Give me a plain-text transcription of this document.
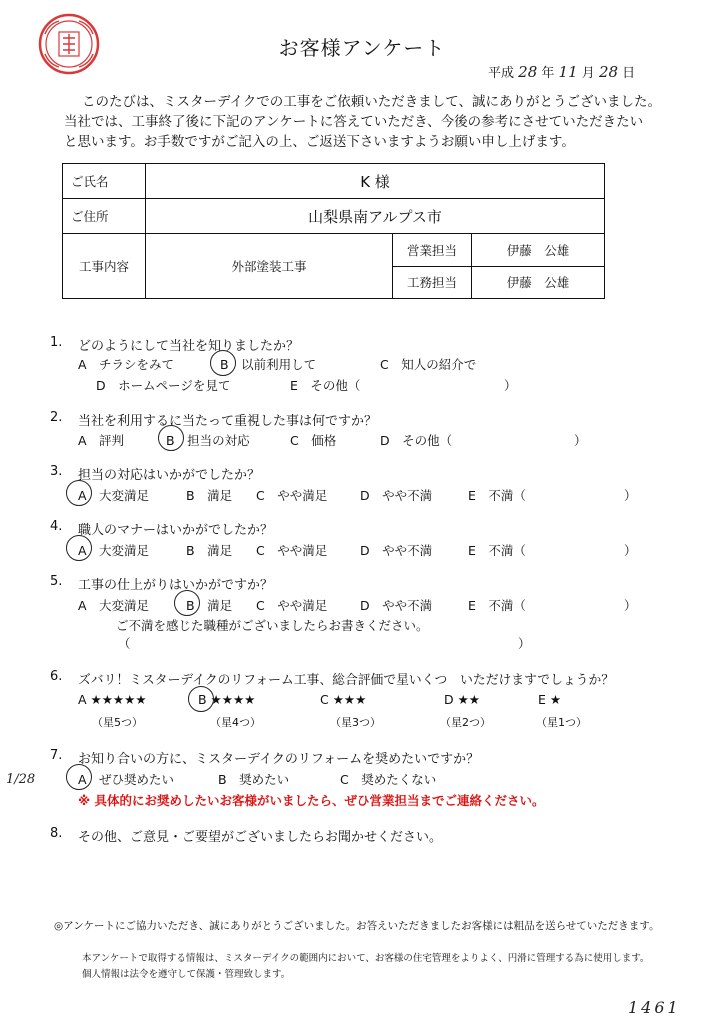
お客様アンケート
平成 28 年 11 月 28 日
このたびは、ミスターデイクでの工事をご依頼いただきまして、誠にありがとうございました。
当社では、工事終了後に下記のアンケートに答えていただき、今後の参考にさせていただきたい
と思います。お手数ですがご記入の上、ご返送下さいますようお願い申し上げます。
ご氏名	K 様		
ご住所	山梨県南アルプス市		
工事内容	外部塗装工事	営業担当	伊藤　公雄
		工務担当	伊藤　公雄
1. どのようにして当社を知りましたか？
A　チラシをみて	B　以前利用して	C　知人の紹介で
D　ホームページを見て	E　その他（	）
2. 当社を利用するに当たって重視した事は何ですか？
A　評判	B　担当の対応	C　価格	D　その他（	）
3. 担当の対応はいかがでしたか？
A　大変満足	B　満足 C　やや満足	D　やや不満	E　不満（	）
4. 職人のマナーはいかがでしたか？
A　大変満足	B　満足 C　やや満足	D　やや不満	E　不満（	）
5. 工事の仕上がりはいかがですか？
A　大変満足	B　満足 C　やや満足	D　やや不満	E　不満（	）
ご不満を感じた職種がございましたらお書きください。
（	）
6. ズバリ！ミスターデイクのリフォーム工事、総合評価で星いくつ　いただけますでしょうか？
A ★★★★★	B ★★★★	C ★★★	D ★★	E ★
（星5つ）	（星4つ）	（星3つ）	（星2つ）	（星1つ）
1/28
7. お知り合いの方に、ミスターデイクのリフォームを奨めたいですか？
A　ぜひ奨めたい	B　奨めたい	C　奨めたくない
※ 具体的にお奨めしたいお客様がいましたら、ぜひ営業担当までご連絡ください。
8. その他、ご意見・ご要望がございましたらお聞かせください。
◎アンケートにご協力いただき、誠にありがとうございました。お答えいただきましたお客様には粗品を送らせていただきます。
本アンケートで取得する情報は、ミスターデイクの範囲内において、お客様の住宅管理をよりよく、円滑に管理する為に使用します。
個人情報は法令を遵守して保護・管理致します。
1461
